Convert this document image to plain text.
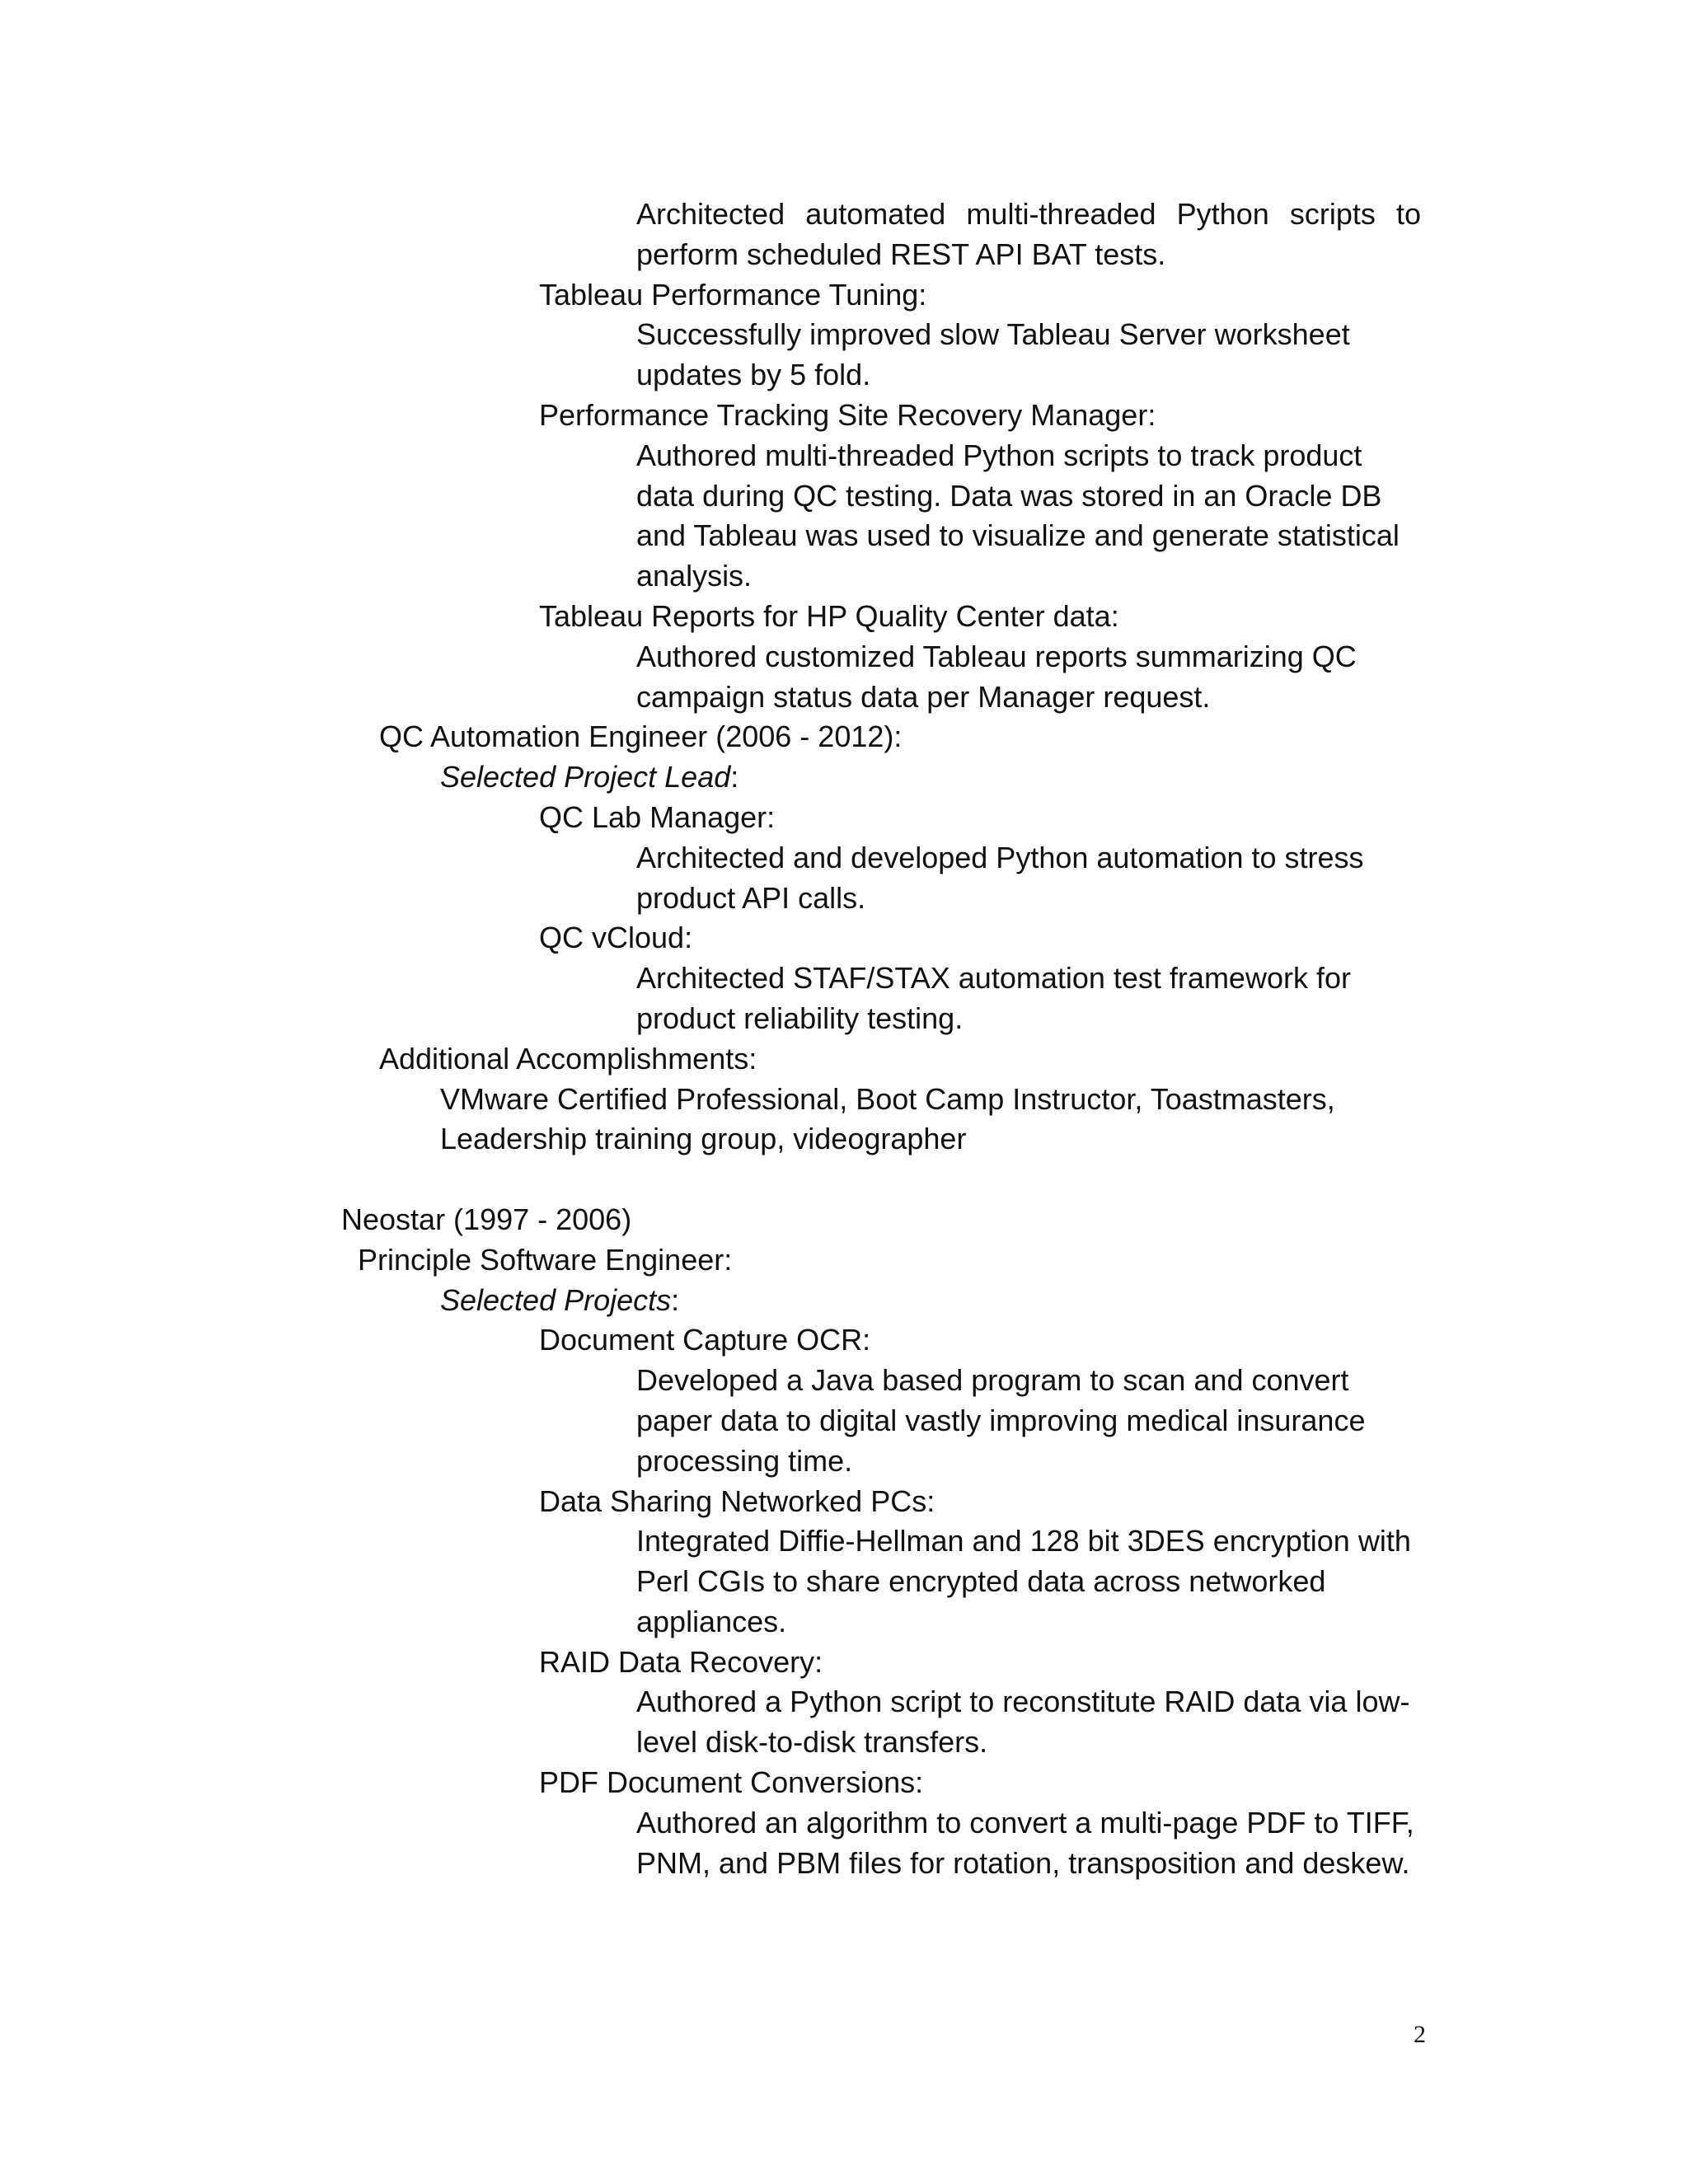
Architected automated multi-threaded Python scripts to perform scheduled REST API BAT tests.
Tableau Performance Tuning:
Successfully improved slow Tableau Server worksheet updates by 5 fold.
Performance Tracking Site Recovery Manager:
Authored multi-threaded Python scripts to track product data during QC testing. Data was stored in an Oracle DB and Tableau was used to visualize and generate statistical analysis.
Tableau Reports for HP Quality Center data:
Authored customized Tableau reports summarizing QC campaign status data per Manager request.
QC Automation Engineer (2006 - 2012):
Selected Project Lead:
QC Lab Manager:
Architected and developed Python automation to stress product API calls.
QC vCloud:
Architected STAF/STAX automation test framework for product reliability testing.
Additional Accomplishments:
VMware Certified Professional, Boot Camp Instructor, Toastmasters, Leadership training group, videographer
Neostar (1997 - 2006)
Principle Software Engineer:
Selected Projects:
Document Capture OCR:
Developed a Java based program to scan and convert paper data to digital vastly improving medical insurance processing time.
Data Sharing Networked PCs:
Integrated Diffie-Hellman and 128 bit 3DES encryption with Perl CGIs to share encrypted data across networked appliances.
RAID Data Recovery:
Authored a Python script to reconstitute RAID data via low-level disk-to-disk transfers.
PDF Document Conversions:
Authored an algorithm to convert a multi-page PDF to TIFF, PNM, and PBM files for rotation, transposition and deskew.
2
